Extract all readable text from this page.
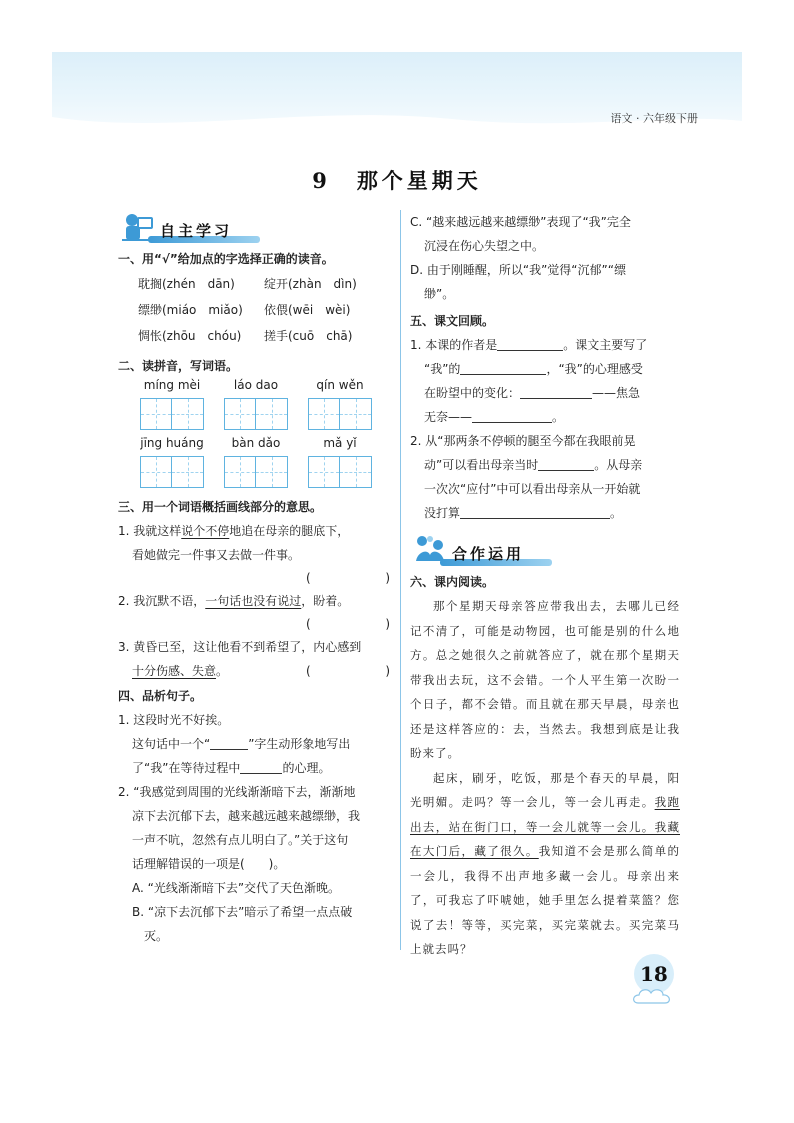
语文 · 六年级下册
9 那个星期天
自主学习
一、用“√”给加点的字选择正确的读音。
耽搁(zhén　dān)	绽开(zhàn　dìn)
缥缈(miáo　miǎo)	依偎(wēi　wèi)
惆怅(zhōu　chóu)	搓手(cuō　chā)
二、读拼音，写词语。
míng mèi	láo dao	qín wěn
jīng huáng	bàn dǎo	mǎ yǐ
三、用一个词语概括画线部分的意思。
1. 我就这样说个不停地追在母亲的腿底下，
看她做完一件事又去做一件事。
(	)
2. 我沉默不语，一句话也没有说过，盼着。
(	)
3. 黄昏已至，这让他看不到希望了，内心感到
十分伤感、失意。	(	)
四、品析句子。
1. 这段时光不好挨。
这句话中一个“	”字生动形象地写出
了“我”在等待过程中	的心理。
2. “我感觉到周围的光线渐渐暗下去，渐渐地
凉下去沉郁下去，越来越远越来越缥缈，我
一声不吭，忽然有点儿明白了。”关于这句
话理解错误的一项是(　　)。
A. “光线渐渐暗下去”交代了天色渐晚。
B. “凉下去沉郁下去”暗示了希望一点点破
灭。
C. “越来越远越来越缥缈”表现了“我”完全
沉浸在伤心失望之中。
D. 由于刚睡醒，所以“我”觉得“沉郁”“缥
缈”。
五、课文回顾。
1. 本课的作者是	。课文主要写了
“我”的	，“我”的心理感受
在盼望中的变化：	——焦急
无奈——	。
2. 从“那两条不停顿的腿至今都在我眼前晃
动”可以看出母亲当时	。从母亲
一次次“应付”中可以看出母亲从一开始就
没打算	。
合作运用
六、课内阅读。
那个星期天母亲答应带我出去，去哪儿已经记不清了，可能是动物园，也可能是别的什么地方。总之她很久之前就答应了，就在那个星期天带我出去玩，这不会错。一个人平生第一次盼一个日子，都不会错。而且就在那天早晨，母亲也还是这样答应的：去，当然去。我想到底是让我盼来了。
起床，刷牙，吃饭，那是个春天的早晨，阳光明媚。走吗？等一会儿，等一会儿再走。我跑出去，站在街门口，等一会儿就等一会儿。我藏在大门后，藏了很久。我知道不会是那么简单的一会儿，我得不出声地多藏一会儿。母亲出来了，可我忘了吓唬她，她手里怎么提着菜篮？您说了去！等等，买完菜，买完菜就去。买完菜马上就去吗？
18
